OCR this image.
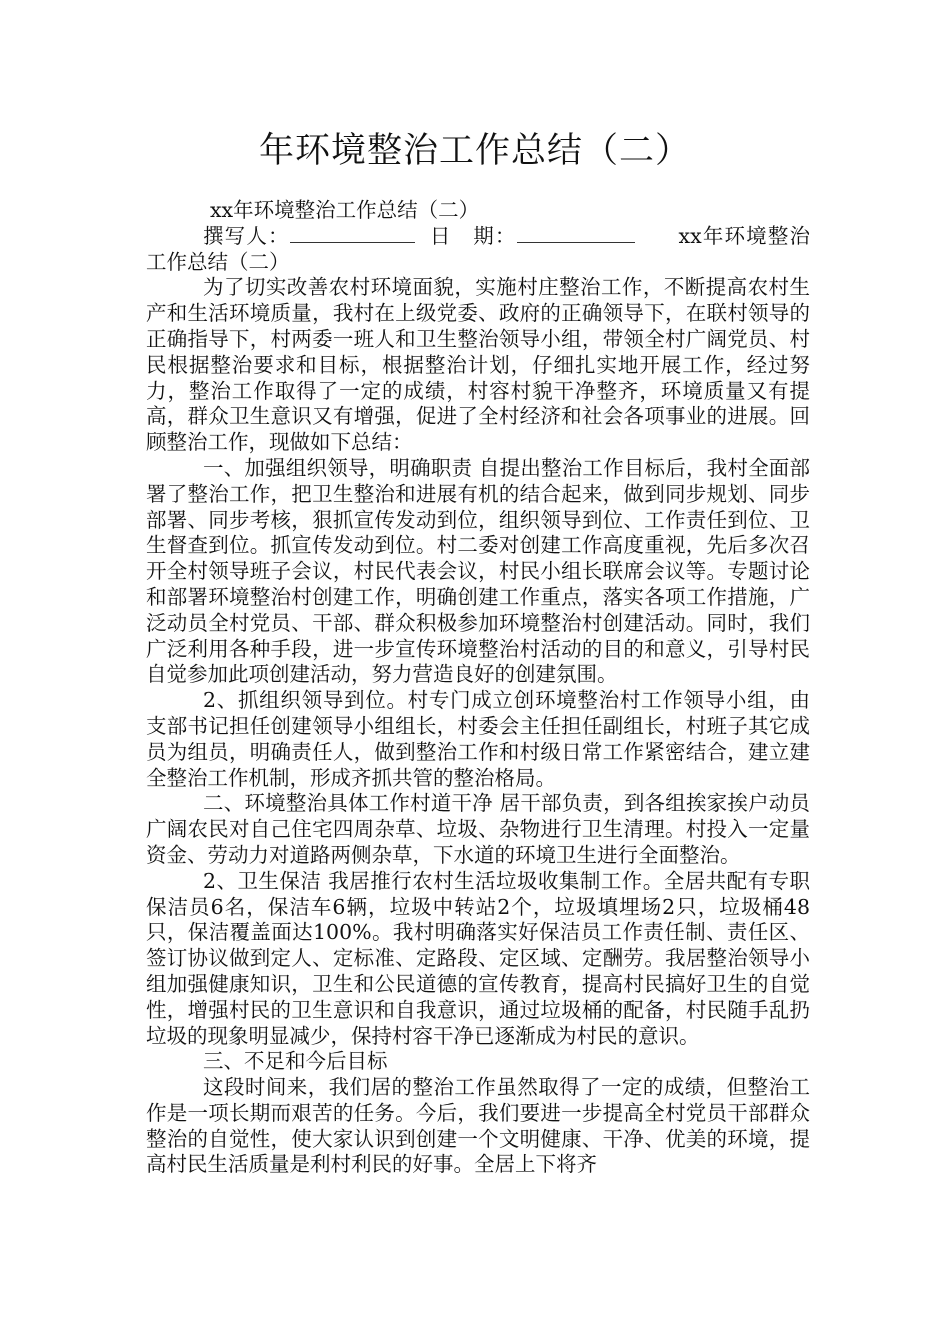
年环境整治工作总结（二）

xx年环境整治工作总结（二）

撰写人：	日　期：	xx年环境整治工作总结（二）

为了切实改善农村环境面貌，实施村庄整治工作，不断提高农村生产和生活环境质量，我村在上级党委、政府的正确领导下，在联村领导的正确指导下，村两委一班人和卫生整治领导小组，带领全村广阔党员、村民根据整治要求和目标，根据整治计划，仔细扎实地开展工作，经过努力，整治工作取得了一定的成绩，村容村貌干净整齐，环境质量又有提高，群众卫生意识又有增强，促进了全村经济和社会各项事业的进展。回顾整治工作，现做如下总结：

一、加强组织领导，明确职责 自提出整治工作目标后，我村全面部署了整治工作，把卫生整治和进展有机的结合起来，做到同步规划、同步部署、同步考核，狠抓宣传发动到位，组织领导到位、工作责任到位、卫生督查到位。抓宣传发动到位。村二委对创建工作高度重视，先后多次召开全村领导班子会议，村民代表会议，村民小组长联席会议等。专题讨论和部署环境整治村创建工作，明确创建工作重点，落实各项工作措施，广泛动员全村党员、干部、群众积极参加环境整治村创建活动。同时，我们广泛利用各种手段，进一步宣传环境整治村活动的目的和意义，引导村民自觉参加此项创建活动，努力营造良好的创建氛围。

2、抓组织领导到位。村专门成立创环境整治村工作领导小组，由支部书记担任创建领导小组组长，村委会主任担任副组长，村班子其它成员为组员，明确责任人，做到整治工作和村级日常工作紧密结合，建立建全整治工作机制，形成齐抓共管的整治格局。

二、环境整治具体工作村道干净 居干部负责，到各组挨家挨户动员广阔农民对自己住宅四周杂草、垃圾、杂物进行卫生清理。村投入一定量资金、劳动力对道路两侧杂草，下水道的环境卫生进行全面整治。

2、卫生保洁 我居推行农村生活垃圾收集制工作。全居共配有专职保洁员6名，保洁车6辆，垃圾中转站2个，垃圾填埋场2只，垃圾桶48只，保洁覆盖面达100%。我村明确落实好保洁员工作责任制、责任区、签订协议做到定人、定标准、定路段、定区域、定酬劳。我居整治领导小组加强健康知识，卫生和公民道德的宣传教育，提高村民搞好卫生的自觉性，增强村民的卫生意识和自我意识，通过垃圾桶的配备，村民随手乱扔垃圾的现象明显减少，保持村容干净已逐渐成为村民的意识。

三、不足和今后目标

这段时间来，我们居的整治工作虽然取得了一定的成绩，但整治工作是一项长期而艰苦的任务。今后，我们要进一步提高全村党员干部群众整治的自觉性，使大家认识到创建一个文明健康、干净、优美的环境，提高村民生活质量是利村利民的好事。全居上下将齐
